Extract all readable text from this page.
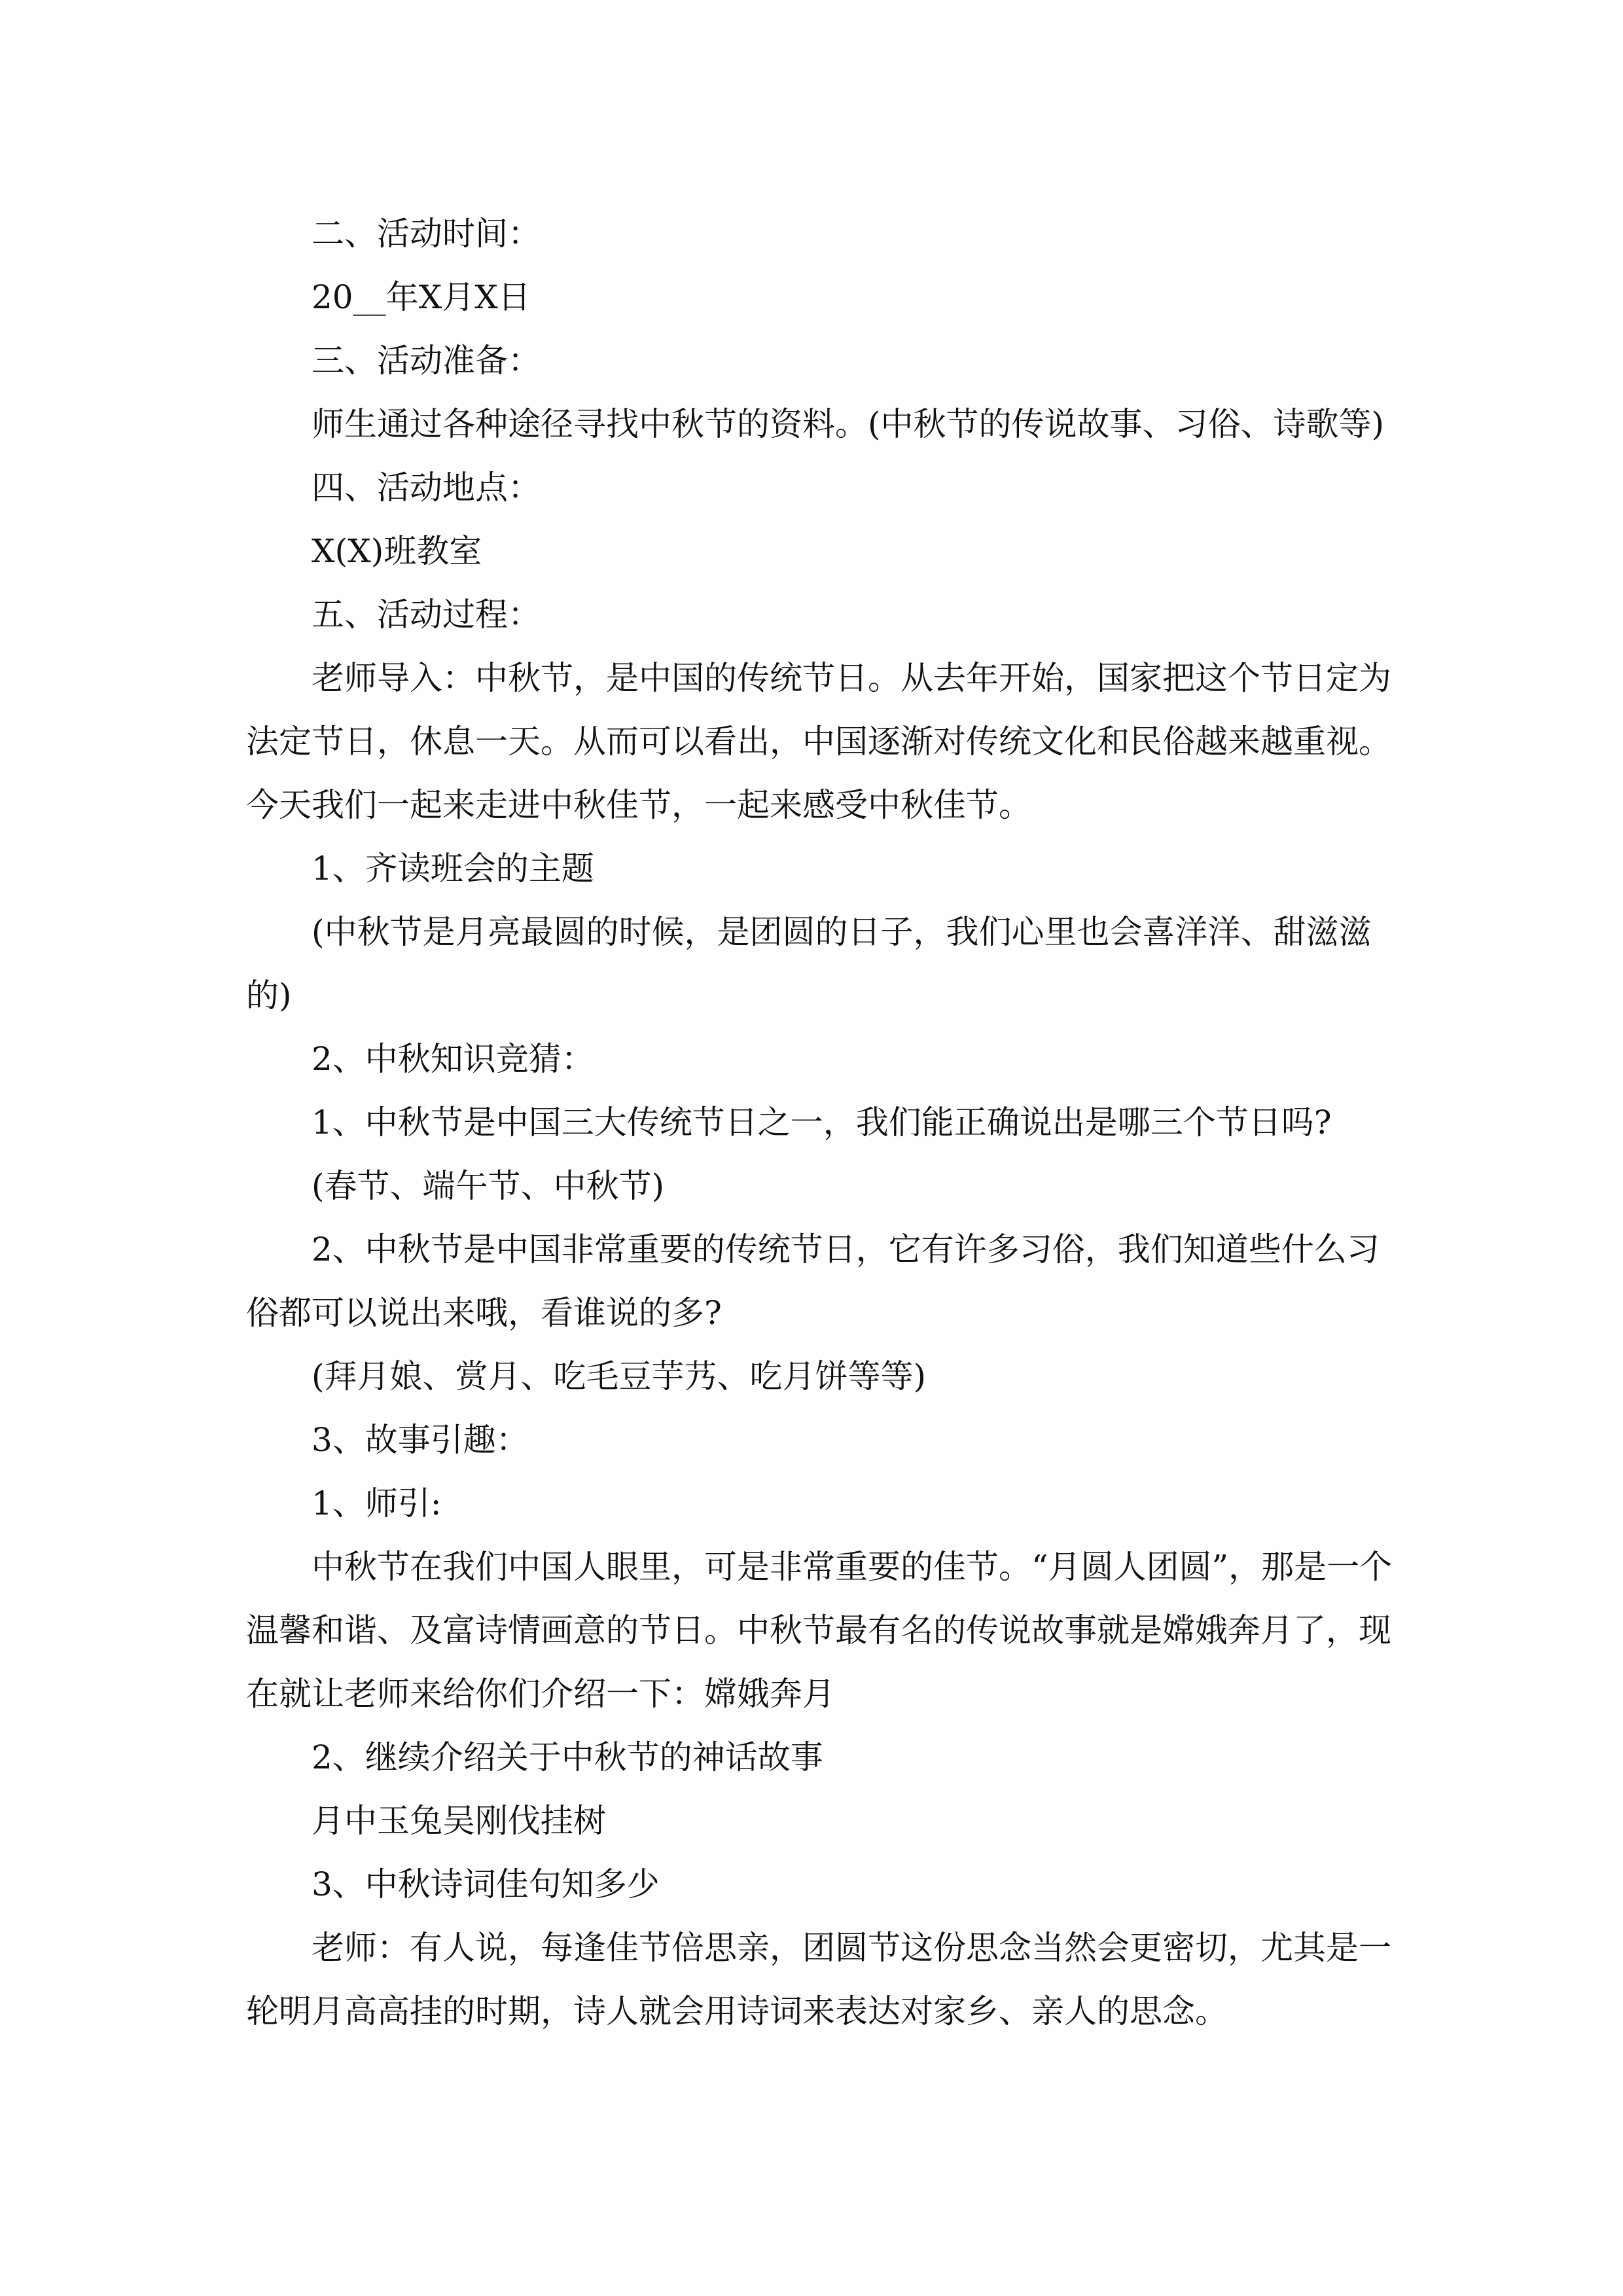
二、活动时间：

20__年X月X日

三、活动准备：

师生通过各种途径寻找中秋节的资料。(中秋节的传说故事、习俗、诗歌等)

四、活动地点：

X(X)班教室

五、活动过程：

老师导入：中秋节，是中国的传统节日。从去年开始，国家把这个节日定为法定节日，休息一天。从而可以看出，中国逐渐对传统文化和民俗越来越重视。今天我们一起来走进中秋佳节，一起来感受中秋佳节。

1、齐读班会的主题

(中秋节是月亮最圆的时候，是团圆的日子，我们心里也会喜洋洋、甜滋滋的)

2、中秋知识竞猜：

1、中秋节是中国三大传统节日之一，我们能正确说出是哪三个节日吗?

(春节、端午节、中秋节)

2、中秋节是中国非常重要的传统节日，它有许多习俗，我们知道些什么习俗都可以说出来哦，看谁说的多?

(拜月娘、赏月、吃毛豆芋艿、吃月饼等等)

3、故事引趣：

1、师引:

中秋节在我们中国人眼里，可是非常重要的佳节。“月圆人团圆”，那是一个温馨和谐、及富诗情画意的节日。中秋节最有名的传说故事就是嫦娥奔月了，现在就让老师来给你们介绍一下：嫦娥奔月

2、继续介绍关于中秋节的神话故事

月中玉兔吴刚伐挂树

3、中秋诗词佳句知多少

老师：有人说，每逢佳节倍思亲，团圆节这份思念当然会更密切，尤其是一轮明月高高挂的时期，诗人就会用诗词来表达对家乡、亲人的思念。
